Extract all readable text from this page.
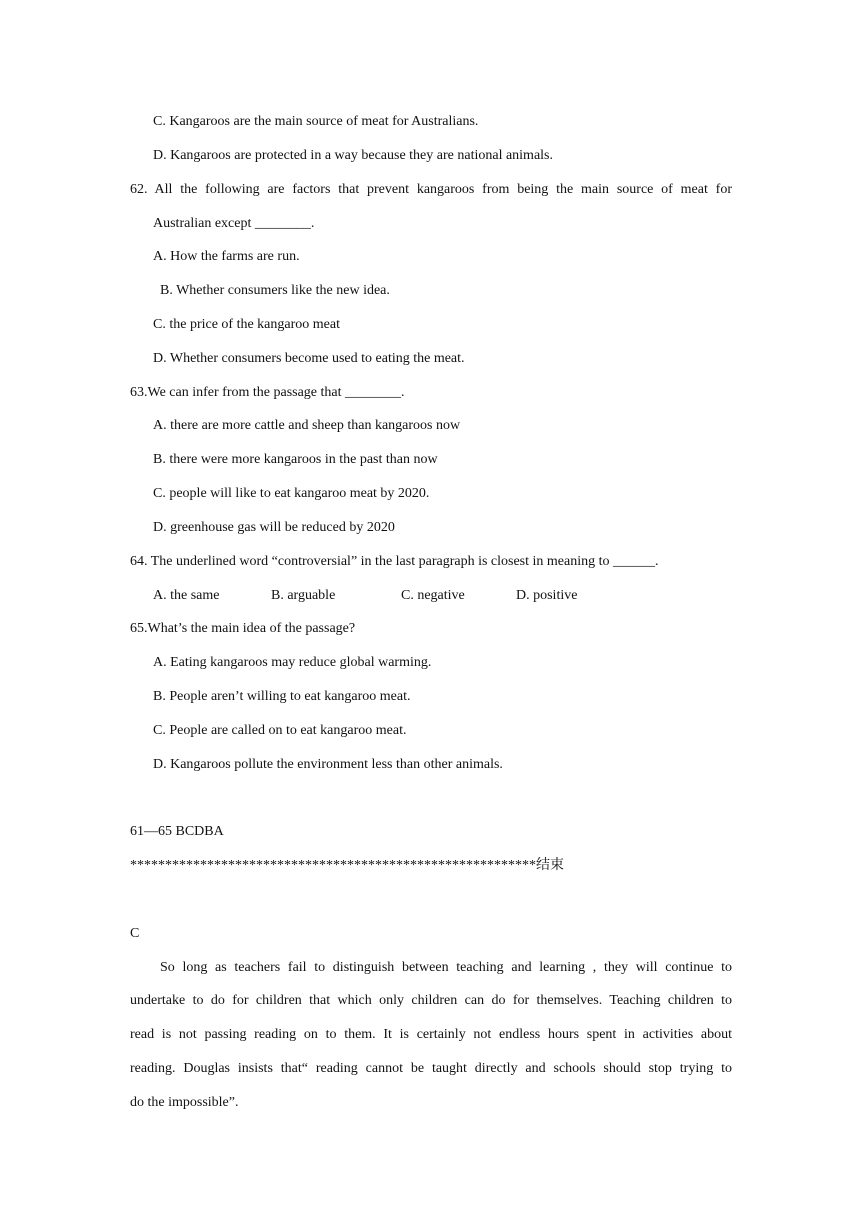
C. Kangaroos are the main source of meat for Australians.
D. Kangaroos are protected in a way because they are national animals.
62. All the following are factors that prevent kangaroos from being the main source of meat for
Australian except ________.
A. How the farms are run.
B. Whether consumers like the new idea.
C. the price of the kangaroo meat
D. Whether consumers become used to eating the meat.
63.We can infer from the passage that ________.
A. there are more cattle and sheep than kangaroos now
B. there were more kangaroos in the past than now
C. people will like to eat kangaroo meat by 2020.
D. greenhouse gas will be reduced by 2020
64. The underlined word “controversial” in the last paragraph is closest in meaning to ______.
A. the same	B. arguable	C. negative	D. positive
65.What’s the main idea of the passage?
A. Eating kangaroos may reduce global warming.
B. People aren’t willing to eat kangaroo meat.
C. People are called on to eat kangaroo meat.
D. Kangaroos pollute the environment less than other animals.
61—65 BCDBA
**********************************************************结束
C
So long as teachers fail to distinguish between teaching and learning , they will continue to
undertake to do for children that which only children can do for themselves. Teaching children to
read is not passing reading on to them. It is certainly not endless hours spent in activities about
reading. Douglas insists that“ reading cannot be taught directly and schools should stop trying to
do the impossible”.
